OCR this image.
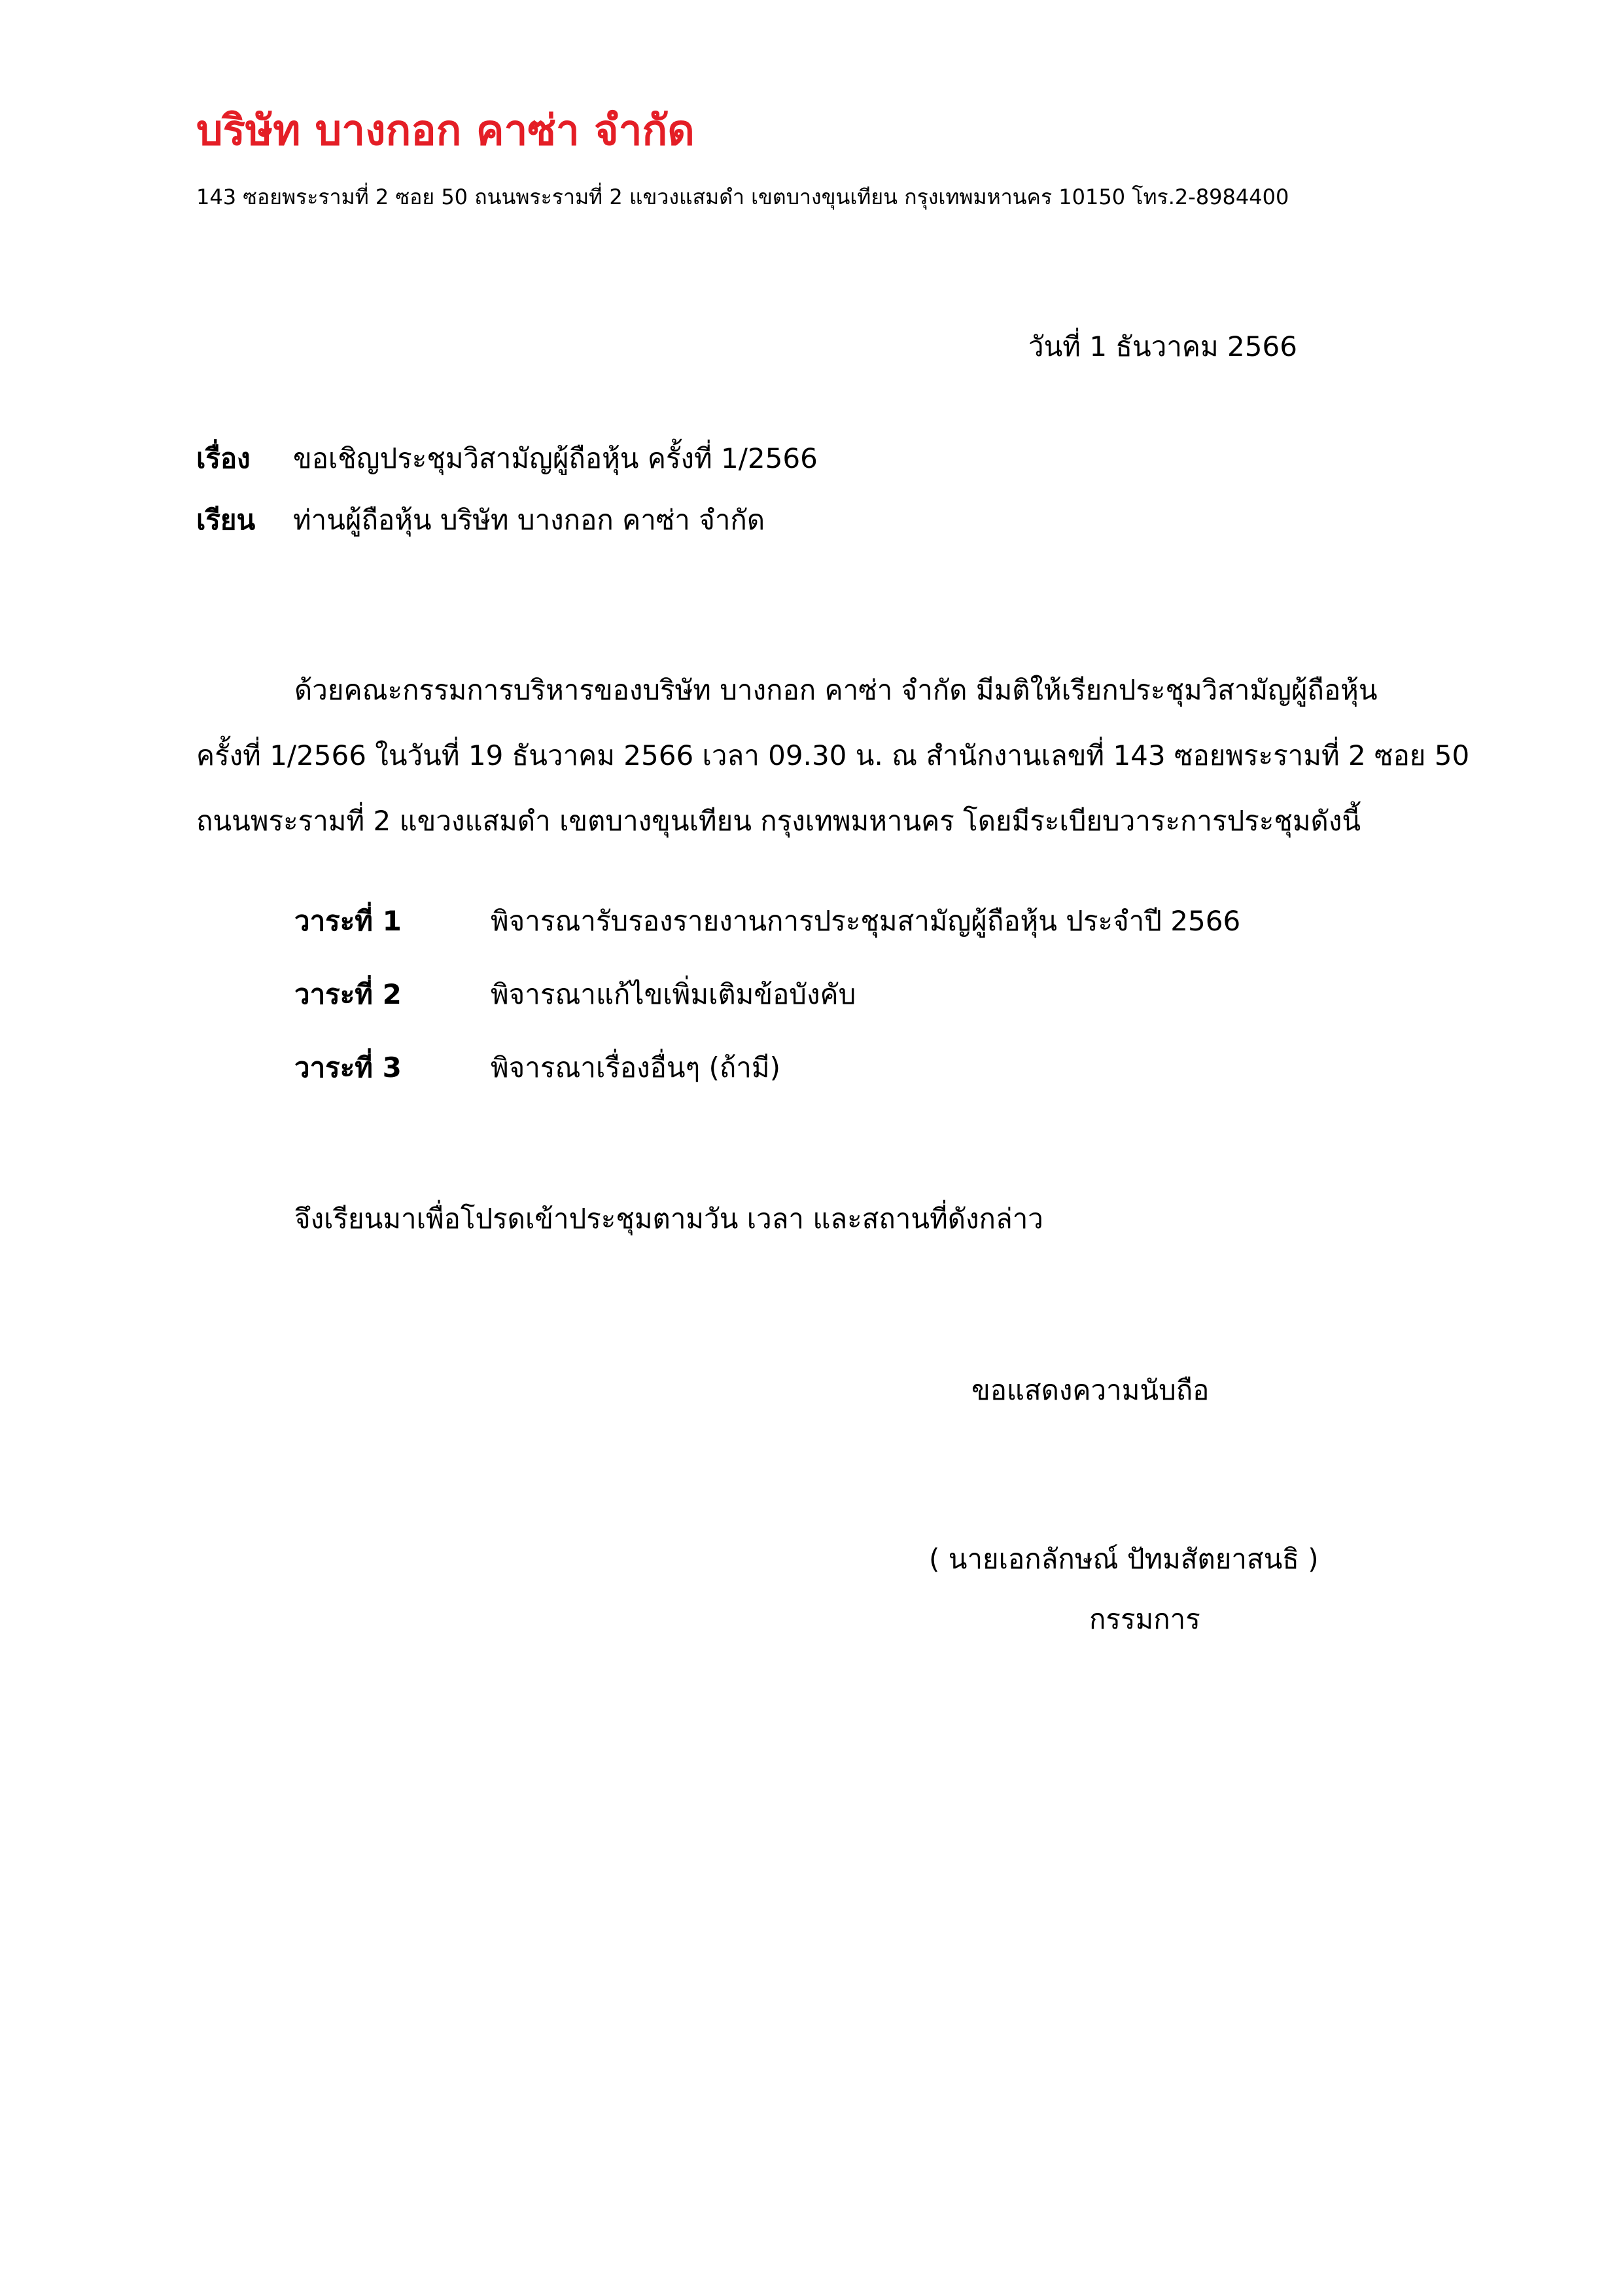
บริษัท บางกอก คาซ่า จำกัด
143 ซอยพระรามที่ 2 ซอย 50 ถนนพระรามที่ 2 แขวงแสมดำ เขตบางขุนเทียน กรุงเทพมหานคร 10150 โทร.2-8984400
วันที่ 1 ธันวาคม 2566
เรื่อง ขอเชิญประชุมวิสามัญผู้ถือหุ้น ครั้งที่ 1/2566
เรียน ท่านผู้ถือหุ้น บริษัท บางกอก คาซ่า จำกัด
ด้วยคณะกรรมการบริหารของบริษัท บางกอก คาซ่า จำกัด มีมติให้เรียกประชุมวิสามัญผู้ถือหุ้น
ครั้งที่ 1/2566 ในวันที่ 19 ธันวาคม 2566 เวลา 09.30 น. ณ สำนักงานเลขที่ 143 ซอยพระรามที่ 2 ซอย 50
ถนนพระรามที่ 2 แขวงแสมดำ เขตบางขุนเทียน กรุงเทพมหานคร โดยมีระเบียบวาระการประชุมดังนี้
วาระที่ 1	พิจารณารับรองรายงานการประชุมสามัญผู้ถือหุ้น ประจำปี 2566
วาระที่ 2	พิจารณาแก้ไขเพิ่มเติมข้อบังคับ
วาระที่ 3	พิจารณาเรื่องอื่นๆ (ถ้ามี)
จึงเรียนมาเพื่อโปรดเข้าประชุมตามวัน เวลา และสถานที่ดังกล่าว
ขอแสดงความนับถือ
( นายเอกลักษณ์ ปัทมสัตยาสนธิ )
กรรมการ
